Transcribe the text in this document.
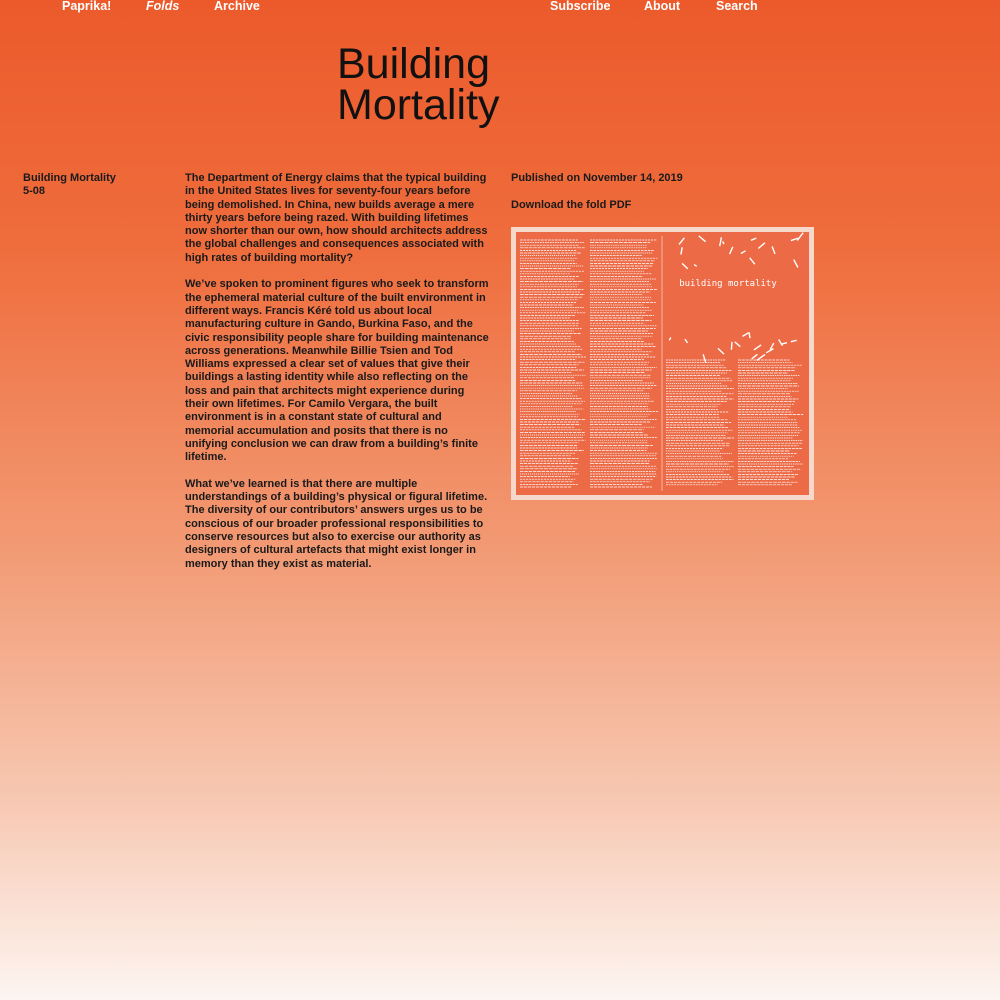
Paprika!	Folds	Archive	Subscribe	About	Search
Building
Mortality
Building Mortality
5-08

The Department of Energy claims that the typical building in the United States lives for seventy-four years before being demolished. In China, new builds average a mere thirty years before being razed. With building lifetimes now shorter than our own, how should architects address the global challenges and consequences associated with high rates of building mortality?

We’ve spoken to prominent figures who seek to transform the ephemeral material culture of the built environment in different ways. Francis Kéré told us about local manufacturing culture in Gando, Burkina Faso, and the civic responsibility people share for building maintenance across generations. Meanwhile Billie Tsien and Tod Williams expressed a clear set of values that give their buildings a lasting identity while also reflecting on the loss and pain that architects might experience during their own lifetimes. For Camilo Vergara, the built environment is in a constant state of cultural and memorial accumulation and posits that there is no unifying conclusion we can draw from a building’s finite lifetime.

What we’ve learned is that there are multiple understandings of a building’s physical or figural lifetime. The diversity of our contributors’ answers urges us to be conscious of our broader professional responsibilities to conserve resources but also to exercise our authority as designers of cultural artefacts that might exist longer in memory than they exist as material.

Published on November 14, 2019
Download the fold PDF
building mortality
